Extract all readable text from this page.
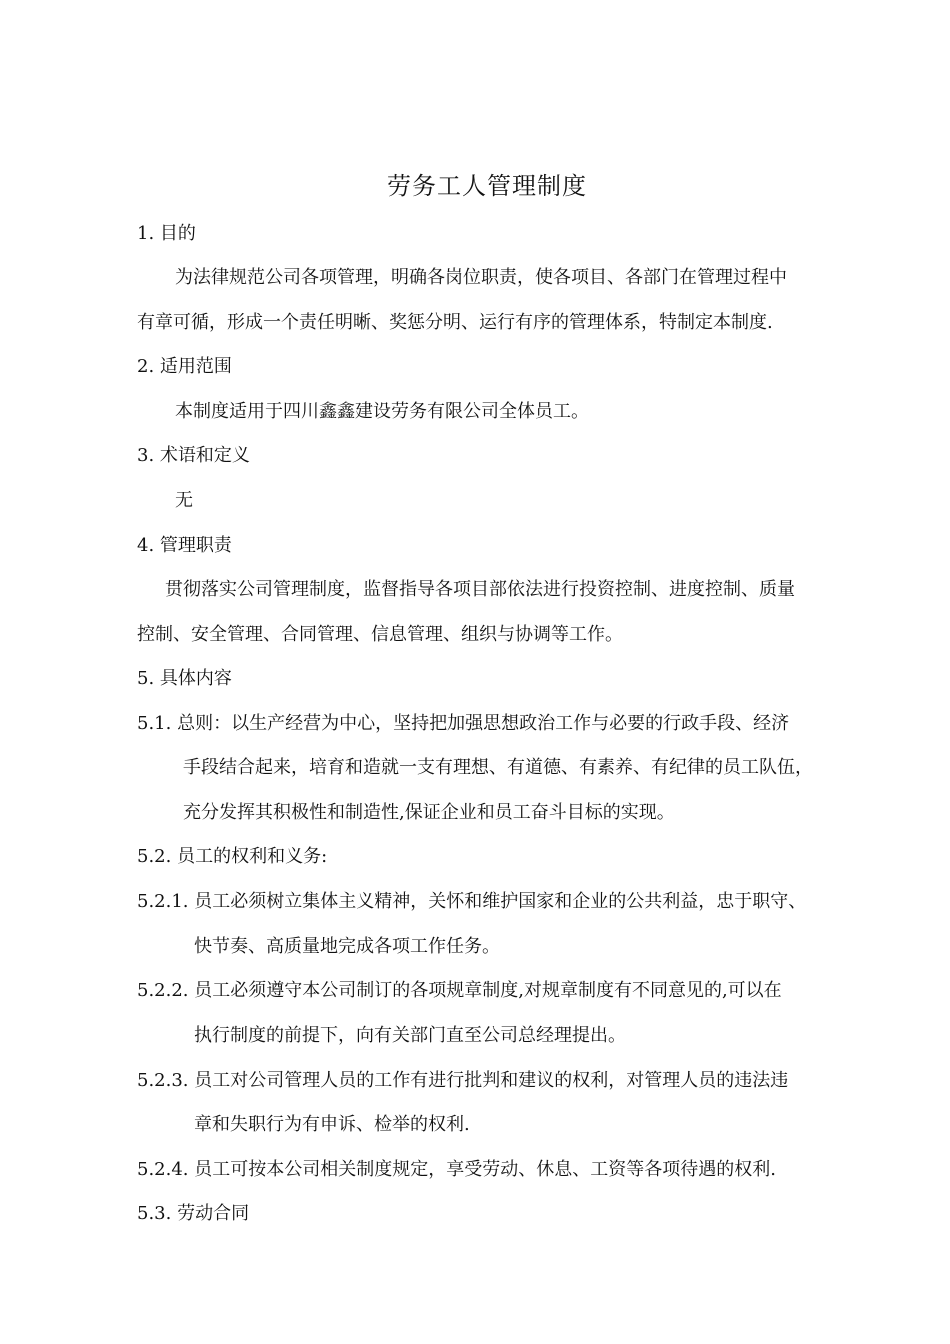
劳务工人管理制度
1. 目的
为法律规范公司各项管理，明确各岗位职责，使各项目、各部门在管理过程中
有章可循，形成一个责任明晰、奖惩分明、运行有序的管理体系，特制定本制度.
2. 适用范围
本制度适用于四川鑫鑫建设劳务有限公司全体员工。
3. 术语和定义
无
4. 管理职责
贯彻落实公司管理制度，监督指导各项目部依法进行投资控制、进度控制、质量
控制、安全管理、合同管理、信息管理、组织与协调等工作。
5. 具体内容
5.1. 总则：以生产经营为中心，坚持把加强思想政治工作与必要的行政手段、经济
手段结合起来，培育和造就一支有理想、有道德、有素养、有纪律的员工队伍，
充分发挥其积极性和制造性,保证企业和员工奋斗目标的实现。
5.2. 员工的权利和义务:
5.2.1. 员工必须树立集体主义精神，关怀和维护国家和企业的公共利益，忠于职守、
快节奏、高质量地完成各项工作任务。
5.2.2. 员工必须遵守本公司制订的各项规章制度,对规章制度有不同意见的,可以在
执行制度的前提下，向有关部门直至公司总经理提出。
5.2.3. 员工对公司管理人员的工作有进行批判和建议的权利，对管理人员的违法违
章和失职行为有申诉、检举的权利.
5.2.4. 员工可按本公司相关制度规定，享受劳动、休息、工资等各项待遇的权利.
5.3. 劳动合同
